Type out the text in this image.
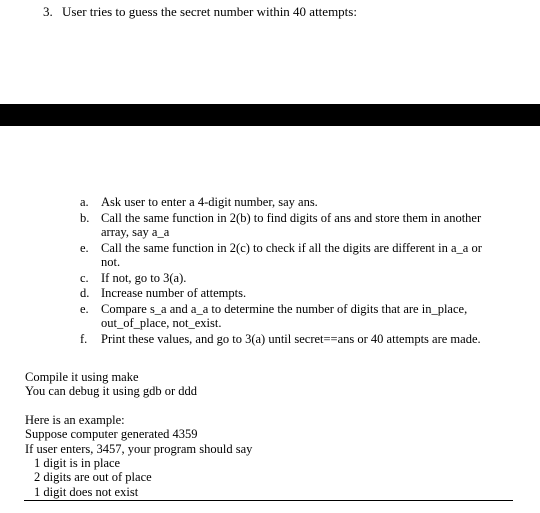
3. User tries to guess the secret number within 40 attempts:
a. Ask user to enter a 4-digit number, say ans.
b. Call the same function in 2(b) to find digits of ans and store them in another array, say a_a
e. Call the same function in 2(c) to check if all the digits are different in a_a or not.
c. If not, go to 3(a).
d. Increase number of attempts.
e. Compare s_a and a_a to determine the number of digits that are in_place, out_of_place, not_exist.
f.	Print these values, and go to 3(a) until secret==ans or 40 attempts are made.
Compile it using make
You can debug it using gdb or ddd
Here is an example:
Suppose computer generated 4359
If user enters, 3457, your program should say
1 digit is in place
2 digits are out of place
1 digit does not exist
